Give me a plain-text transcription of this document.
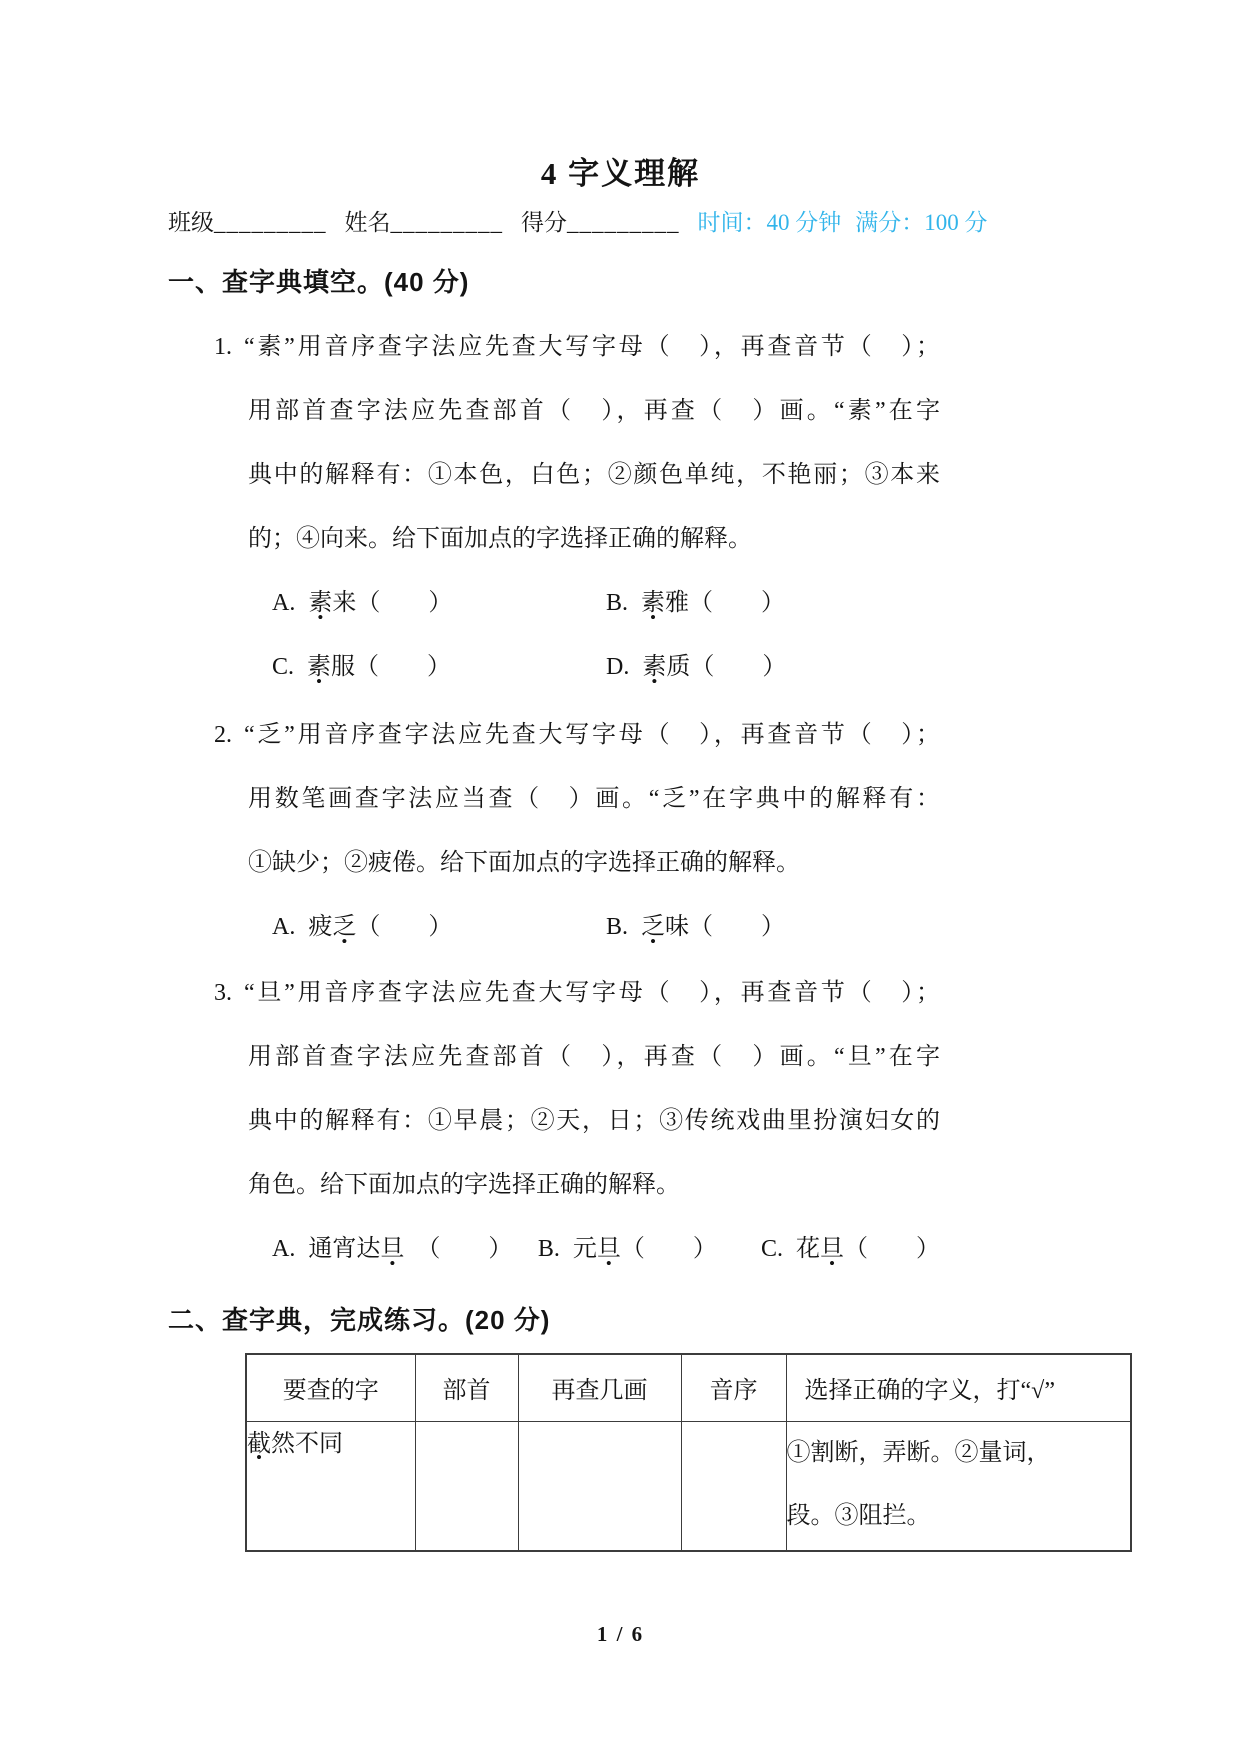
4 字义理解
班级_________ 姓名_________ 得分_________ 时间：40 分钟 满分：100 分
一、查字典填空。(40 分)
1. “素”用音序查字法应先查大写字母（　），再查音节（　）；
用部首查字法应先查部首（　），再查（　）画。“素”在字
典中的解释有：①本色，白色；②颜色单纯，不艳丽；③本来
的；④向来。给下面加点的字选择正确的解释。
A. 素来（　　）	B. 素雅（　　）
C. 素服（　　）	D. 素质（　　）
2. “乏”用音序查字法应先查大写字母（　），再查音节（　）；
用数笔画查字法应当查（　）画。“乏”在字典中的解释有：
①缺少；②疲倦。给下面加点的字选择正确的解释。
A. 疲乏（　　）	B. 乏味（　　）
3. “旦”用音序查字法应先查大写字母（　），再查音节（　）；
用部首查字法应先查部首（　），再查（　）画。“旦”在字
典中的解释有：①早晨；②天，日；③传统戏曲里扮演妇女的
角色。给下面加点的字选择正确的解释。
A. 通宵达旦　（　　）	B. 元旦（　　）	C. 花旦（　　）
二、查字典，完成练习。(20 分)
要查的字	部首	再查几画	音序	选择正确的字义，打“√”
截然不同				①割断，弄断。②量词，
段。③阻拦。
1 / 6
